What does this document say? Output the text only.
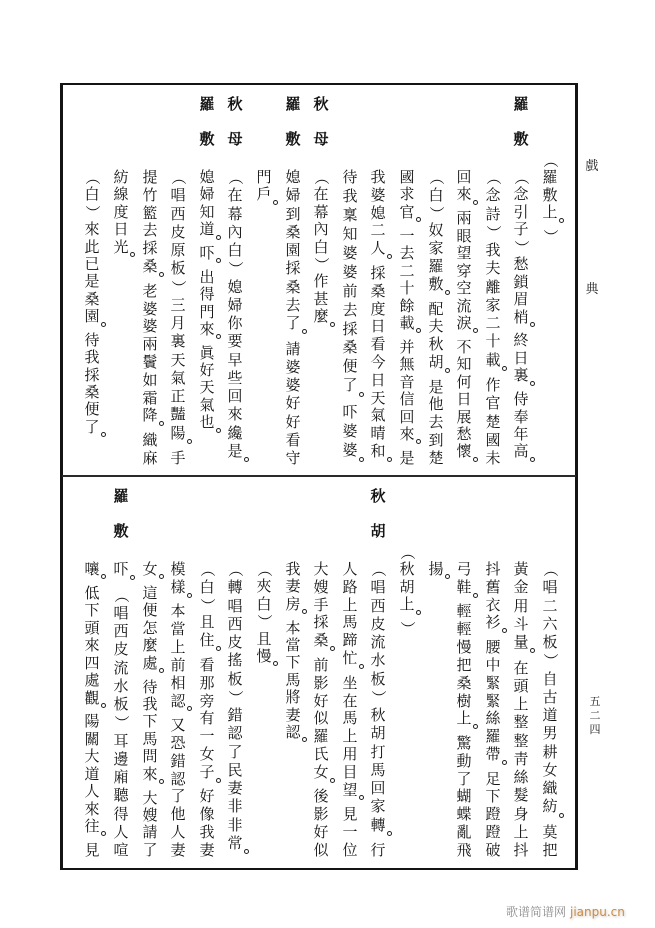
戲
典
五
二
四
（
羅
敷
上
）
羅
敷
（
念
引
子
）
愁
鎖
眉
梢
終
日
裏
侍
奉
年
高
（
念
詩
）
我
夫
離
家
二
十
載
作
官
楚
國
未
回
來
兩
眼
望
穿
空
流
淚
不
知
何
日
展
愁
懷
（
白
）
奴
家
羅
敷
配
夫
秋
胡
是
他
去
到
楚
國
求
官
一
去
二
十
餘
載
并
無
音
信
回
來
是
我
婆
媳
二
人
採
桑
度
日
看
今
日
天
氣
晴
和
待
我
稟
知
婆
婆
前
去
採
桑
便
了
吓
婆
婆
秋
母
（
在
幕
內
白
）
作
甚
麼
羅
敷
媳
婦
到
桑
園
採
桑
去
了
請
婆
婆
好
好
看
守
門
戶
秋
母
（
在
幕
內
白
）
媳
婦
你
要
早
些
回
來
纔
是
羅
敷
媳
婦
知
道
吓
出
得
門
來
眞
好
天
氣
也
（
唱
西
皮
原
板
）
三
月
裏
天
氣
正
豔
陽
手
提
竹
籃
去
採
桑
老
婆
婆
兩
鬢
如
霜
降
織
麻
紡
線
度
日
光
（
白
）
來
此
已
是
桑
園
待
我
採
桑
便
了
（
唱
二
六
板
）
自
古
道
男
耕
女
織
紡
莫
把
黃
金
用
斗
量
在
頭
上
整
整
靑
絲
髮
身
上
抖
抖
舊
衣
衫
腰
中
緊
緊
絲
羅
帶
足
下
蹬
蹬
破
弓
鞋
輕
輕
慢
把
桑
樹
上
驚
動
了
蝴
蝶
亂
飛
揚
（
秋
胡
上
）
秋
胡
（
唱
西
皮
流
水
板
）
秋
胡
打
馬
回
家
轉
行
人
路
上
馬
蹄
忙
坐
在
馬
上
用
目
望
見
一
位
大
嫂
手
採
桑
前
影
好
似
羅
氏
女
後
影
好
似
我
妻
房
本
當
下
馬
將
妻
認
（
夾
白
）
且
慢
（
轉
唱
西
皮
搖
板
）
錯
認
了
民
妻
非
非
常
（
白
）
且
住
看
那
旁
有
一
女
子
好
像
我
妻
模
樣
本
當
上
前
相
認
又
恐
錯
認
了
他
人
妻
女
這
便
怎
麼
處
待
我
下
馬
問
來
大
嫂
請
了
羅
敷
吓
（
唱
西
皮
流
水
板
）
耳
邊
廂
聽
得
人
喧
嚷
低
下
頭
來
四
處
觀
陽
關
大
道
人
來
往
見
歌谱简谱网 jianpu.cn
